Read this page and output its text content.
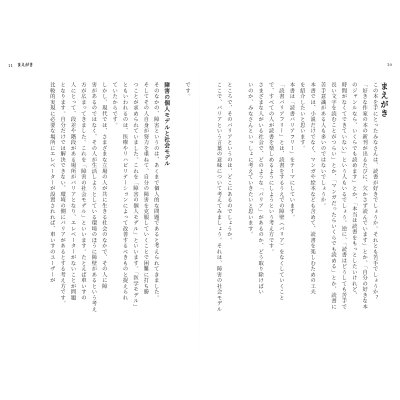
11 まえがき
です。
障害の個人モデルと社会モデル
そのなかの、障害というのは、あくまで個人的な問題であると考えられてきました。
そしてその人自身が努力を重ねて、自分の障害を克服していくことで困難に打ち勝
つことが求められていました。これを「障害の個人モデル」といいます。「医学モデル」
ともいわれるのは、医療やリハビリテーションによって改善するべきものと捉えられ
ていたからです。
しかし、現代では、さまざまな立場の人が共に生きる社会のなかで、その人に障
害があるのではなく、その人が生活しようとしている環境のほうに障壁があるという考え
方が広まってきました。これを「障害の社会モデル」といいます。たとえば車いすの
人にとって、段差や階段がある場所がバリアとなり、エレベーターがないことが問題
となります。自分だけでは解決できない、環境の側にバリアがあるとする考え方です。
比較的実現に必要な場所にエレベーターが設置されれば、車いすのユーザーが
10
まえがき
この本を手にとったみなさんは、読書が好きでしょうか。それとも苦手でしょうか？
「好きな作家の本の新刊が出るたびに、欠かさず読んでいます」とか、「自分の好きな本
のジャンルなら、いくらでも読めます」とか、「本当は読書をもっとしたいけれど、
時間がなくてできていない」という人もいるでしょう。逆に、「読書はどうしても苦手で
長い文字を読むことがつらい」とか、「マンガだったらいくらでも読める」とか、読書に
苦手意識がある人も多いのではないでしょうか。
本書では、小説だけでなく、マンガや絵本なども含めて、読書を楽しむための工夫
を紹介したいと思います。
本書は「読書バリアフリー」をテーマにしています。
「読書バリアフリー」とは、読書をするうえでの障壁（バリア）をなくしていくこと
で、すべての人が読書を楽しめるようにしようという考え方です。
さまざまな人がいる社会で、どのような「バリア」があるのか、どう取り除けばい
いのか、みなさんといっしょに考えていきたいと思います。
ところで、そのバリアというのは、どこにあるのでしょうか。
ここで、バリアという言葉の意味について考えてみましょう。それは、障害の社会モデル
